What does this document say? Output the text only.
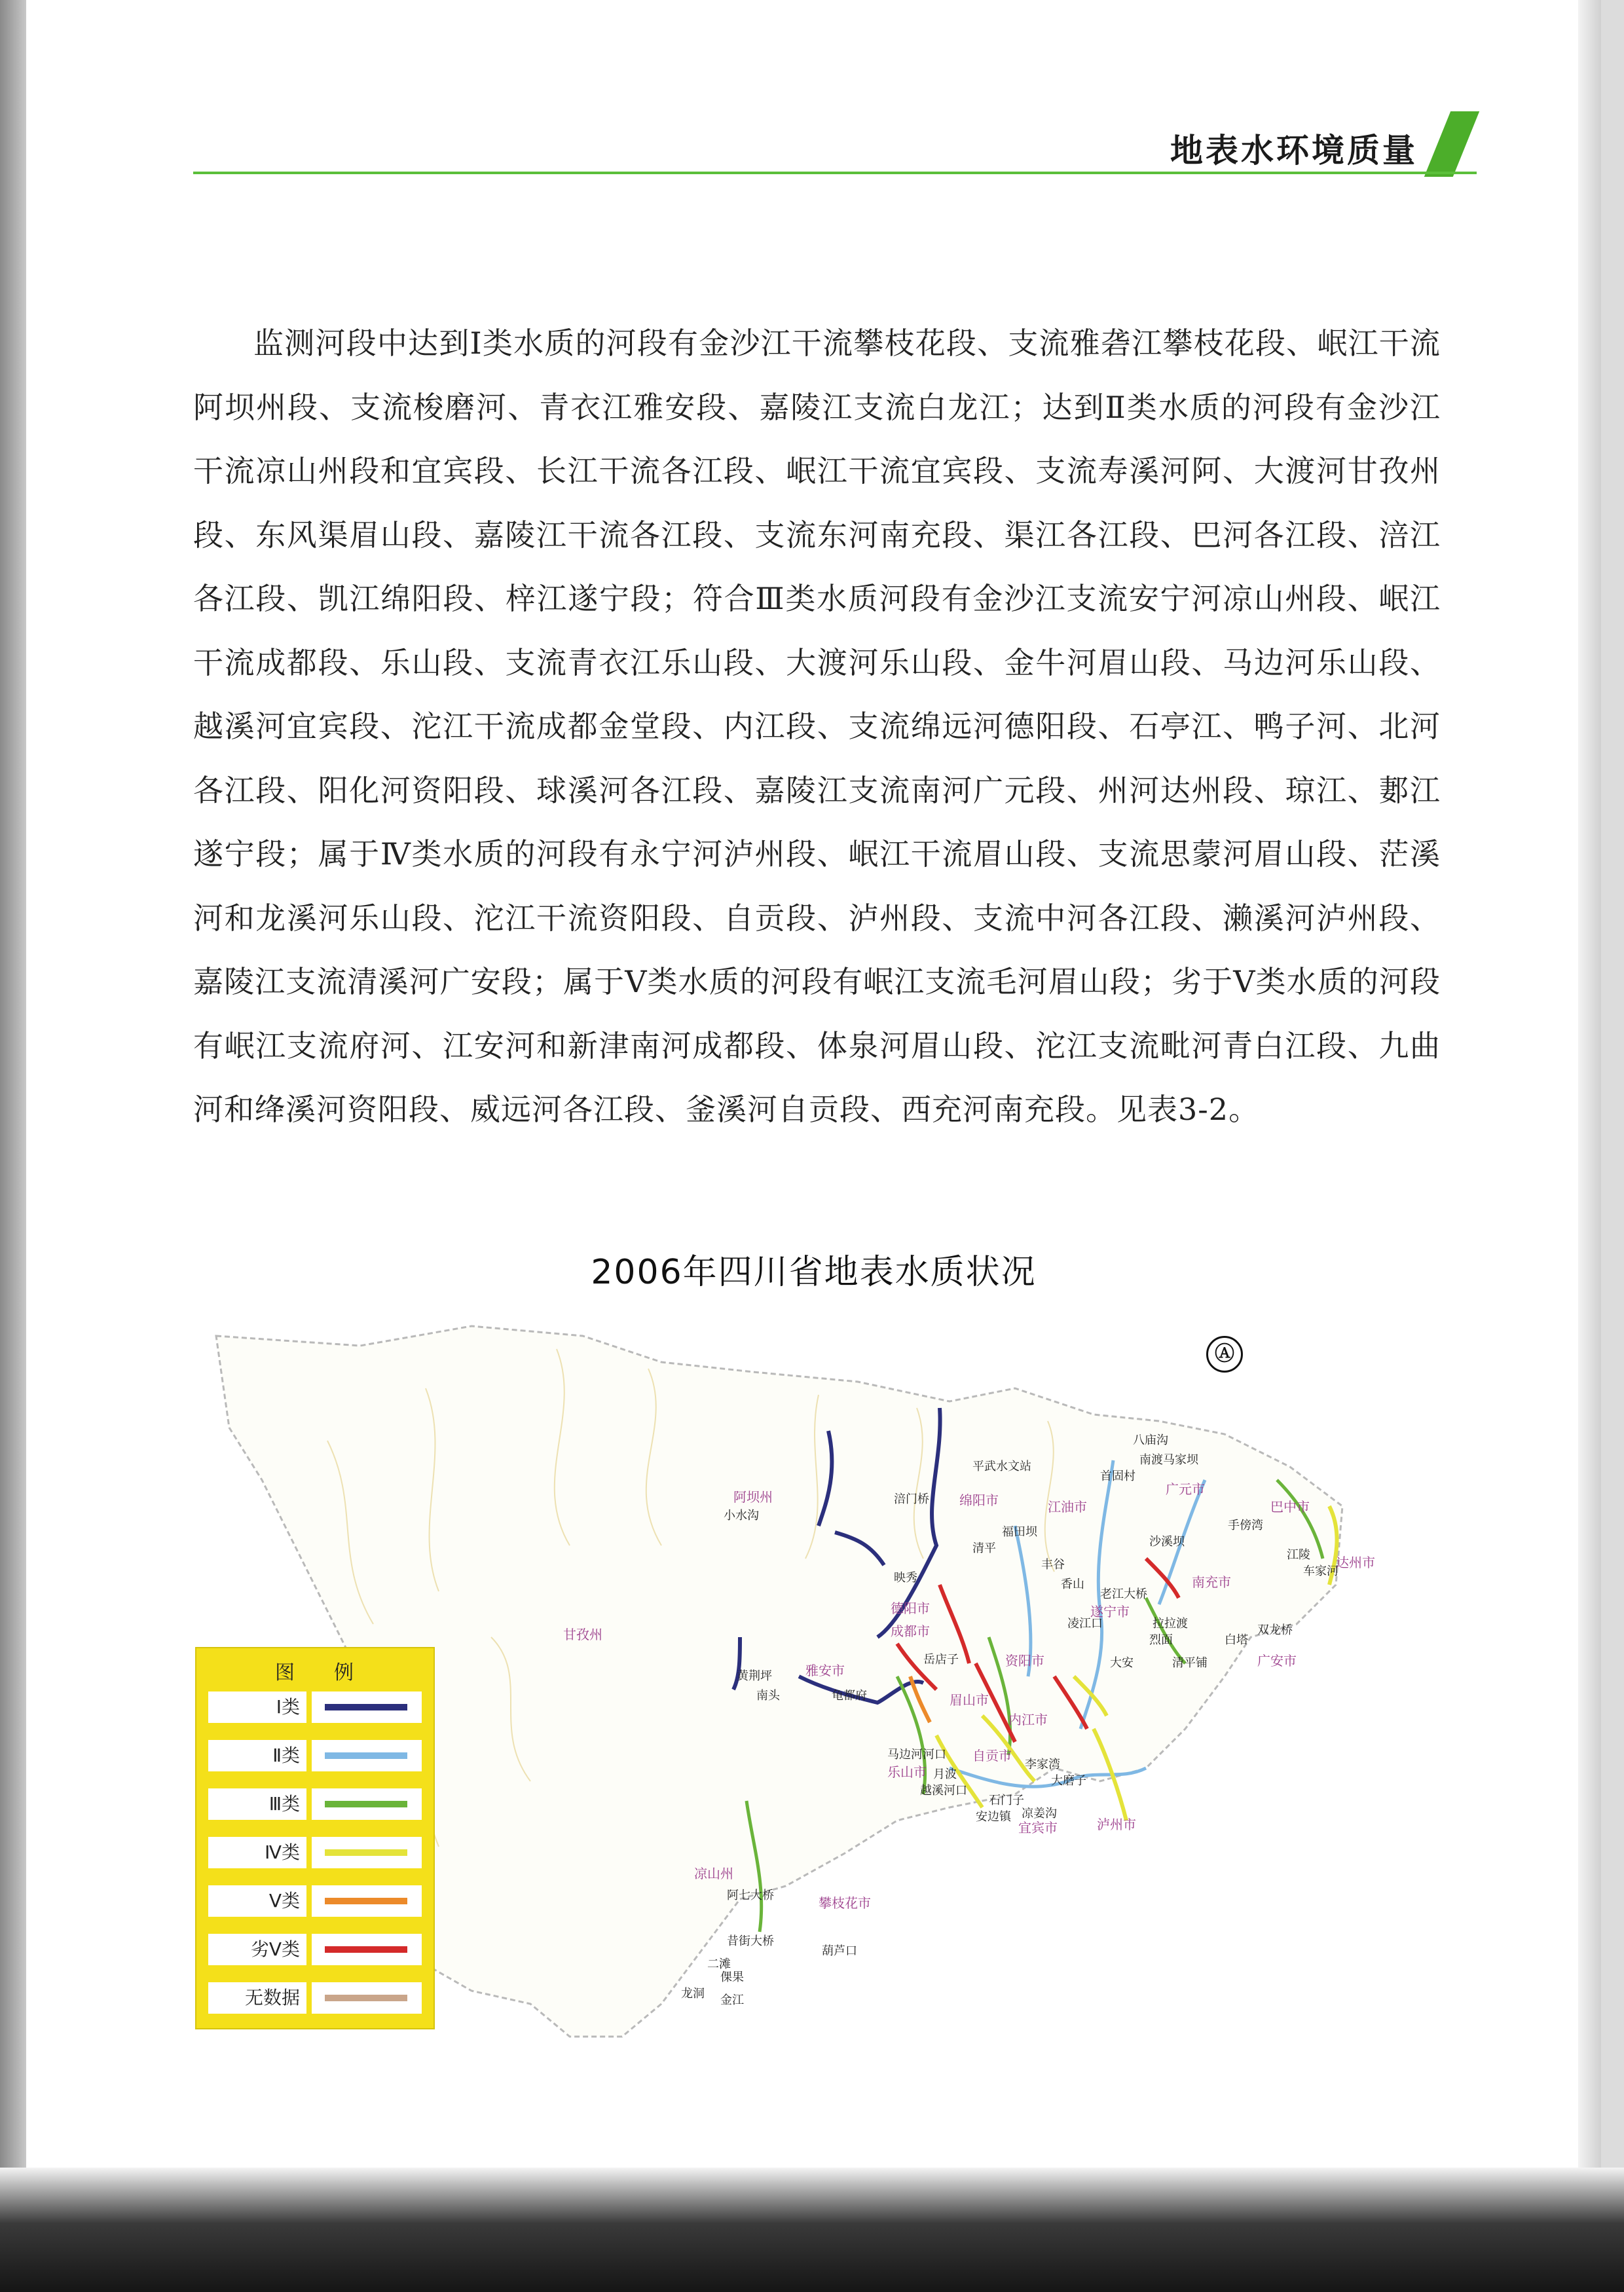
地表水环境质量

监测河段中达到Ⅰ类水质的河段有金沙江干流攀枝花段、支流雅砻江攀枝花段、岷江干流阿坝州段、支流梭磨河、青衣江雅安段、嘉陵江支流白龙江；达到Ⅱ类水质的河段有金沙江干流凉山州段和宜宾段、长江干流各江段、岷江干流宜宾段、支流寿溪河阿、大渡河甘孜州段、东风渠眉山段、嘉陵江干流各江段、支流东河南充段、渠江各江段、巴河各江段、涪江各江段、凯江绵阳段、梓江遂宁段；符合Ⅲ类水质河段有金沙江支流安宁河凉山州段、岷江干流成都段、乐山段、支流青衣江乐山段、大渡河乐山段、金牛河眉山段、马边河乐山段、越溪河宜宾段、沱江干流成都金堂段、内江段、支流绵远河德阳段、石亭江、鸭子河、北河各江段、阳化河资阳段、球溪河各江段、嘉陵江支流南河广元段、州河达州段、琼江、郪江遂宁段；属于Ⅳ类水质的河段有永宁河泸州段、岷江干流眉山段、支流思蒙河眉山段、茫溪河和龙溪河乐山段、沱江干流资阳段、自贡段、泸州段、支流中河各江段、濑溪河泸州段、嘉陵江支流清溪河广安段；属于Ⅴ类水质的河段有岷江支流毛河眉山段；劣于Ⅴ类水质的河段有岷江支流府河、江安河和新津南河成都段、体泉河眉山段、沱江支流毗河青白江段、九曲河和绛溪河资阳段、威远河各江段、釜溪河自贡段、西充河南充段。见表3-2。

2006年四川省地表水质状况
Ⓐ
阿坝州
甘孜州
雅安市
绵阳市	江油市
广元市
巴中市
达州市
南充市
广安市
遂宁市
德阳市
成都市
眉山市
资阳市
乐山市
自贡市
内江市
宜宾市	泸州市
凉山州
攀枝花市
八庙沟
南渡马家坝
首固村
平武水文站
涪门桥
小水沟
福田坝	手傍湾
沙溪坝
江陵
车家河
清平
丰谷
映秀	香山
老江大桥
凌江口	拉拉渡
烈面	白塔
双龙桥
黄荆坪
南头	龟都府
大安	清平铺
岳店子
马边河河口
月波
越溪河口
石门子
安边镇
李家湾
大磨子
凉姜沟
阿七大桥
昔街大桥
葫芦口
二滩
倮果
龙洞 金江
图 例
Ⅰ类
Ⅱ类
Ⅲ类
Ⅳ类
Ⅴ类
劣Ⅴ类
无数据
